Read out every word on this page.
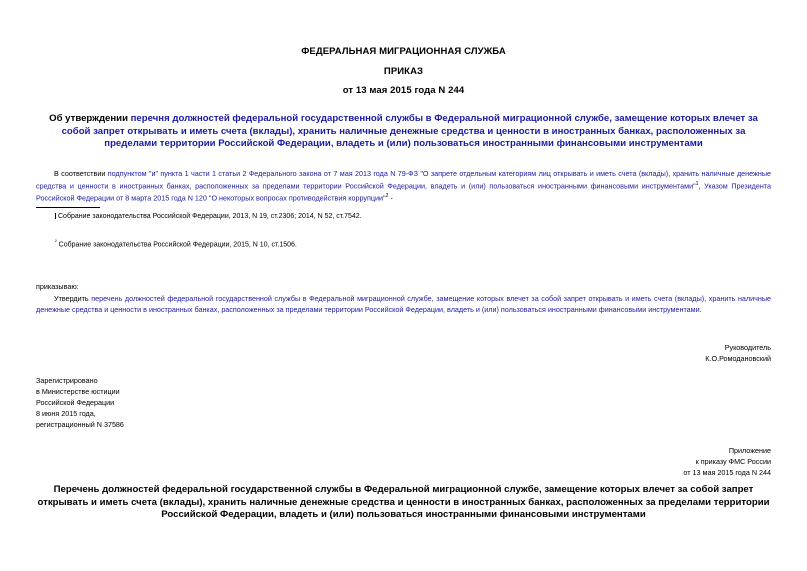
ФЕДЕРАЛЬНАЯ МИГРАЦИОННАЯ СЛУЖБА
ПРИКАЗ
от 13 мая 2015 года N 244
Об утверждении перечня должностей федеральной государственной службы в Федеральной миграционной службе, замещение которых влечет за собой запрет открывать и иметь счета (вклады), хранить наличные денежные средства и ценности в иностранных банках, расположенных за пределами территории Российской Федерации, владеть и (или) пользоваться иностранными финансовыми инструментами
В соответствии подпунктом "и" пункта 1 части 1 статьи 2 Федерального закона от 7 мая 2013 года N 79-ФЗ "О запрете отдельным категориям лиц открывать и иметь счета (вклады), хранить наличные денежные средства и ценности в иностранных банках, расположенных за пределами территории Российской Федерации, владеть и (или) пользоваться иностранными финансовыми инструментами"$^1$, Указом Президента Российской Федерации от 8 марта 2015 года N 120 "О некоторых вопросах противодействия коррупции"$^2$ -
Собрание законодательства Российской Федерации, 2013, N 19, ст.2306; 2014, N 52, ст.7542.
$^{^2}$ Собрание законодательства Российской Федерации, 2015, N 10, ст.1506.
приказываю:
Утвердить перечень должностей федеральной государственной службы в Федеральной миграционной службе, замещение которых влечет за собой запрет открывать и иметь счета (вклады), хранить наличные денежные средства и ценности в иностранных банках, расположенных за пределами территории Российской Федерации, владеть и (или) пользоваться иностранными финансовыми инструментами.
Руководитель
К.О.Ромодановский
Зарегистрировано
в Министерстве юстиции
Российской Федерации
8 июня 2015 года,
регистрационный N 37586
Приложение
к приказу ФМС России
от 13 мая 2015 года N 244
Перечень должностей федеральной государственной службы в Федеральной миграционной службе, замещение которых влечет за собой запрет открывать и иметь счета (вклады), хранить наличные денежные средства и ценности в иностранных банках, расположенных за пределами территории Российской Федерации, владеть и (или) пользоваться иностранными финансовыми инструментами
